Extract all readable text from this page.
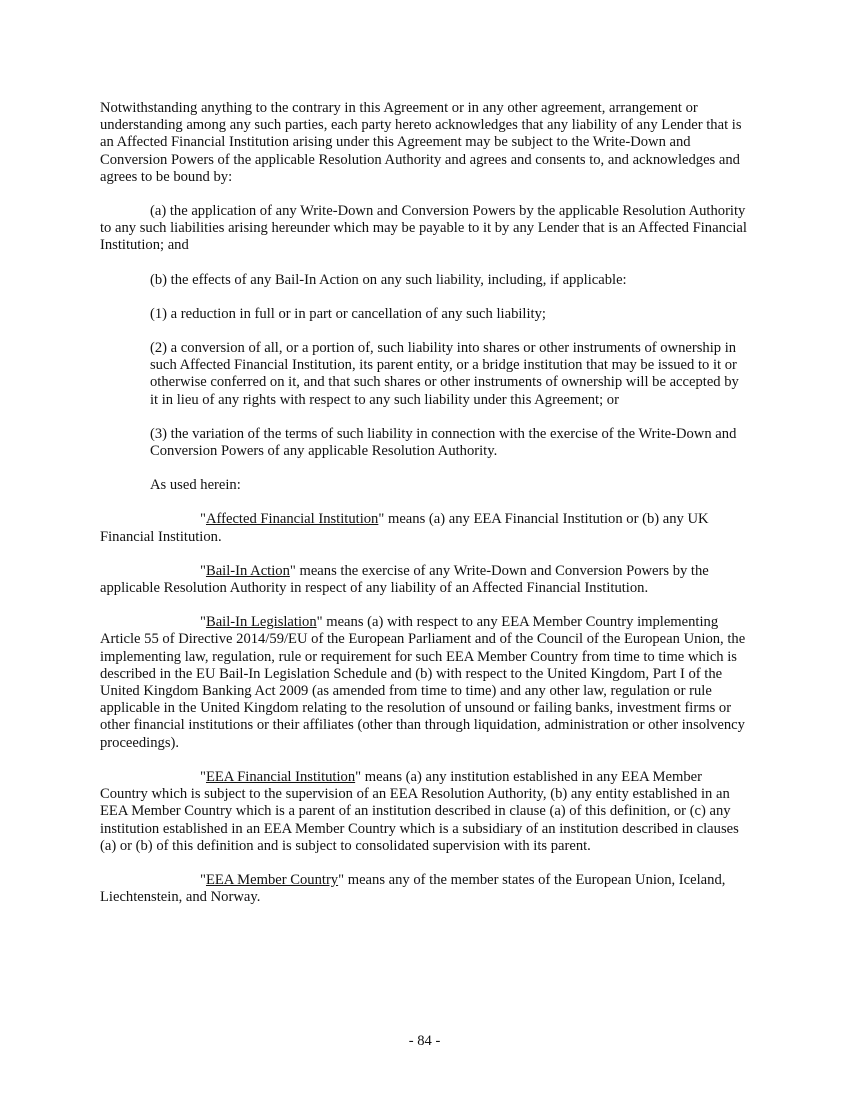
Notwithstanding anything to the contrary in this Agreement or in any other agreement, arrangement or understanding among any such parties, each party hereto acknowledges that any liability of any Lender that is an Affected Financial Institution arising under this Agreement may be subject to the Write-Down and Conversion Powers of the applicable Resolution Authority and agrees and consents to, and acknowledges and agrees to be bound by:

(a) the application of any Write-Down and Conversion Powers by the applicable Resolution Authority to any such liabilities arising hereunder which may be payable to it by any Lender that is an Affected Financial Institution; and

(b) the effects of any Bail-In Action on any such liability, including, if applicable:

(1) a reduction in full or in part or cancellation of any such liability;

(2) a conversion of all, or a portion of, such liability into shares or other instruments of ownership in such Affected Financial Institution, its parent entity, or a bridge institution that may be issued to it or otherwise conferred on it, and that such shares or other instruments of ownership will be accepted by it in lieu of any rights with respect to any such liability under this Agreement; or

(3) the variation of the terms of such liability in connection with the exercise of the Write-Down and Conversion Powers of any applicable Resolution Authority.

As used herein:

"Affected Financial Institution" means (a) any EEA Financial Institution or (b) any UK Financial Institution.

"Bail-In Action" means the exercise of any Write-Down and Conversion Powers by the applicable Resolution Authority in respect of any liability of an Affected Financial Institution.

"Bail-In Legislation" means (a) with respect to any EEA Member Country implementing Article 55 of Directive 2014/59/EU of the European Parliament and of the Council of the European Union, the implementing law, regulation, rule or requirement for such EEA Member Country from time to time which is described in the EU Bail-In Legislation Schedule and (b) with respect to the United Kingdom, Part I of the United Kingdom Banking Act 2009 (as amended from time to time) and any other law, regulation or rule applicable in the United Kingdom relating to the resolution of unsound or failing banks, investment firms or other financial institutions or their affiliates (other than through liquidation, administration or other insolvency proceedings).

"EEA Financial Institution" means (a) any institution established in any EEA Member Country which is subject to the supervision of an EEA Resolution Authority, (b) any entity established in an EEA Member Country which is a parent of an institution described in clause (a) of this definition, or (c) any institution established in an EEA Member Country which is a subsidiary of an institution described in clauses (a) or (b) of this definition and is subject to consolidated supervision with its parent.

"EEA Member Country" means any of the member states of the European Union, Iceland, Liechtenstein, and Norway.

- 84 -
